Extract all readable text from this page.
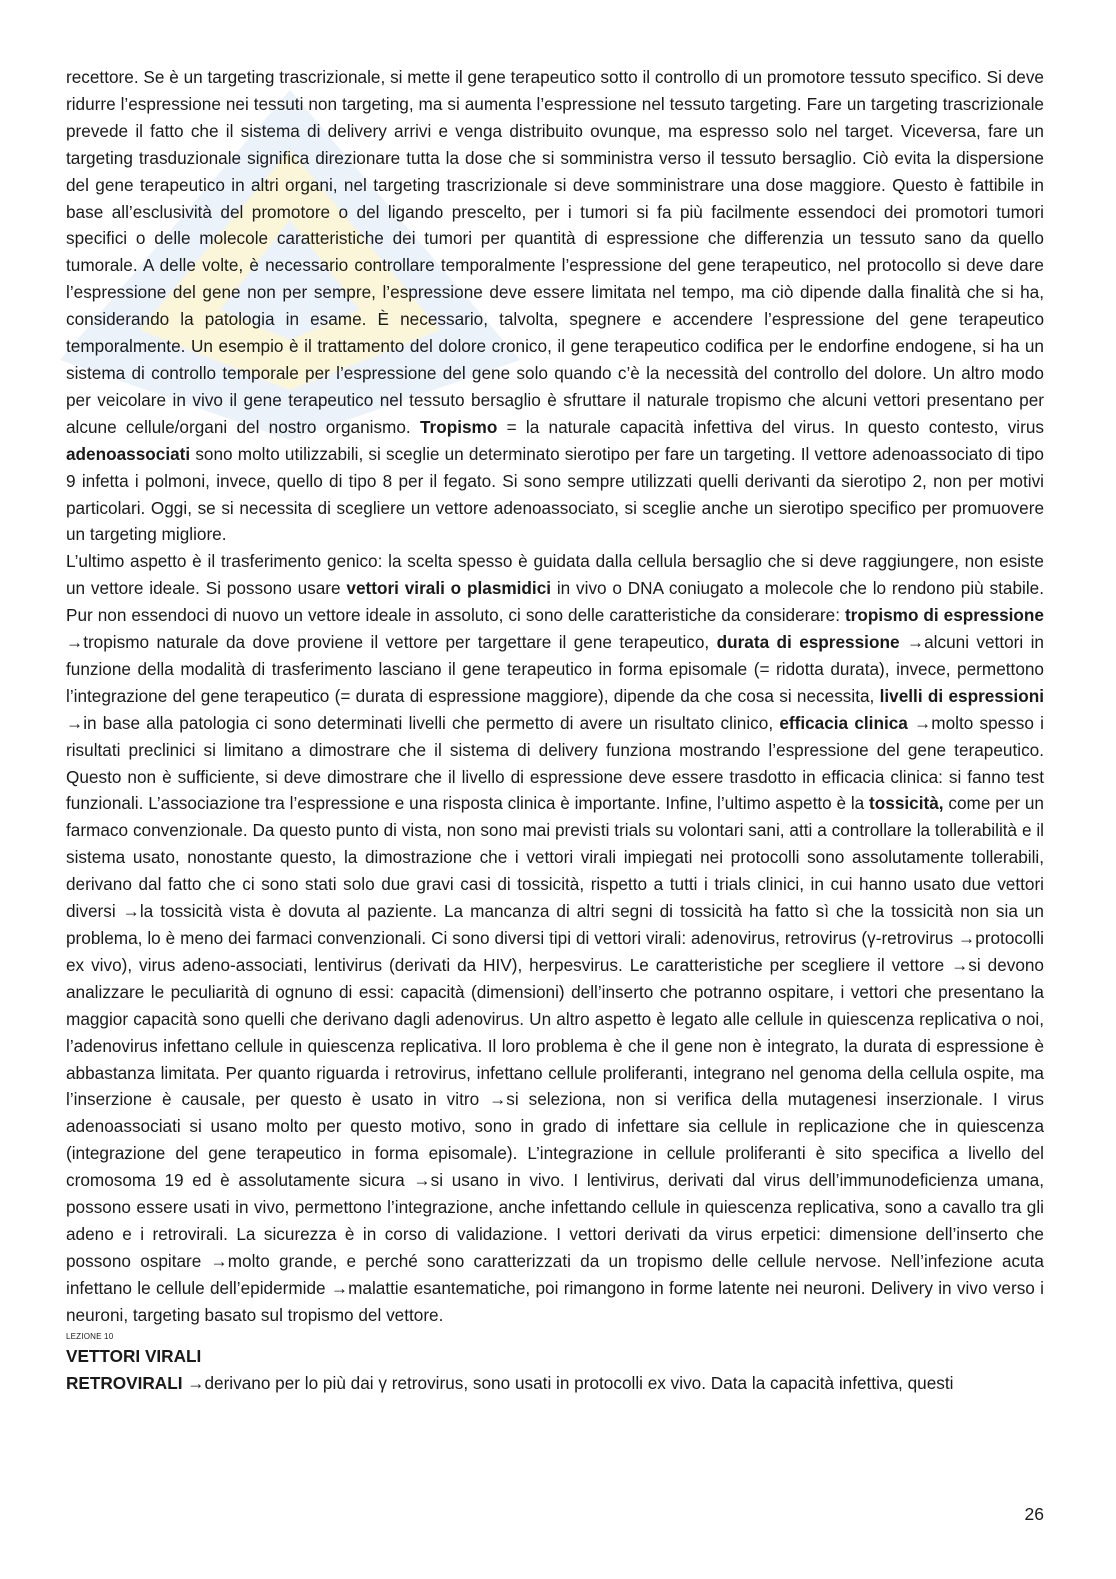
recettore. Se è un targeting trascrizionale, si mette il gene terapeutico sotto il controllo di un promotore tessuto specifico. Si deve ridurre l’espressione nei tessuti non targeting, ma si aumenta l’espressione nel tessuto targeting. Fare un targeting trascrizionale prevede il fatto che il sistema di delivery arrivi e venga distribuito ovunque, ma espresso solo nel target. Viceversa, fare un targeting trasduzionale significa direzionare tutta la dose che si somministra verso il tessuto bersaglio. Ciò evita la dispersione del gene terapeutico in altri organi, nel targeting trascrizionale si deve somministrare una dose maggiore. Questo è fattibile in base all’esclusività del promotore o del ligando prescelto, per i tumori si fa più facilmente essendoci dei promotori tumori specifici o delle molecole caratteristiche dei tumori per quantità di espressione che differenzia un tessuto sano da quello tumorale. A delle volte, è necessario controllare temporalmente l’espressione del gene terapeutico, nel protocollo si deve dare l’espressione del gene non per sempre, l’espressione deve essere limitata nel tempo, ma ciò dipende dalla finalità che si ha, considerando la patologia in esame. È necessario, talvolta, spegnere e accendere l’espressione del gene terapeutico temporalmente. Un esempio è il trattamento del dolore cronico, il gene terapeutico codifica per le endorfine endogene, si ha un sistema di controllo temporale per l’espressione del gene solo quando c’è la necessità del controllo del dolore. Un altro modo per veicolare in vivo il gene terapeutico nel tessuto bersaglio è sfruttare il naturale tropismo che alcuni vettori presentano per alcune cellule/organi del nostro organismo. Tropismo = la naturale capacità infettiva del virus. In questo contesto, virus adenoassociati sono molto utilizzabili, si sceglie un determinato sierotipo per fare un targeting. Il vettore adenoassociato di tipo 9 infetta i polmoni, invece, quello di tipo 8 per il fegato. Si sono sempre utilizzati quelli derivanti da sierotipo 2, non per motivi particolari. Oggi, se si necessita di scegliere un vettore adenoassociato, si sceglie anche un sierotipo specifico per promuovere un targeting migliore.

L’ultimo aspetto è il trasferimento genico: la scelta spesso è guidata dalla cellula bersaglio che si deve raggiungere, non esiste un vettore ideale. Si possono usare vettori virali o plasmidici in vivo o DNA coniugato a molecole che lo rendono più stabile. Pur non essendoci di nuovo un vettore ideale in assoluto, ci sono delle caratteristiche da considerare: tropismo di espressione →tropismo naturale da dove proviene il vettore per targettare il gene terapeutico, durata di espressione →alcuni vettori in funzione della modalità di trasferimento lasciano il gene terapeutico in forma episomale (= ridotta durata), invece, permettono l’integrazione del gene terapeutico (= durata di espressione maggiore), dipende da che cosa si necessita, livelli di espressioni →in base alla patologia ci sono determinati livelli che permetto di avere un risultato clinico, efficacia clinica →molto spesso i risultati preclinici si limitano a dimostrare che il sistema di delivery funziona mostrando l’espressione del gene terapeutico. Questo non è sufficiente, si deve dimostrare che il livello di espressione deve essere trasdotto in efficacia clinica: si fanno test funzionali. L’associazione tra l’espressione e una risposta clinica è importante. Infine, l’ultimo aspetto è la tossicità, come per un farmaco convenzionale. Da questo punto di vista, non sono mai previsti trials su volontari sani, atti a controllare la tollerabilità e il sistema usato, nonostante questo, la dimostrazione che i vettori virali impiegati nei protocolli sono assolutamente tollerabili, derivano dal fatto che ci sono stati solo due gravi casi di tossicità, rispetto a tutti i trials clinici, in cui hanno usato due vettori diversi →la tossicità vista è dovuta al paziente. La mancanza di altri segni di tossicità ha fatto sì che la tossicità non sia un problema, lo è meno dei farmaci convenzionali. Ci sono diversi tipi di vettori virali: adenovirus, retrovirus (γ-retrovirus →protocolli ex vivo), virus adeno-associati, lentivirus (derivati da HIV), herpesvirus. Le caratteristiche per scegliere il vettore →si devono analizzare le peculiarità di ognuno di essi: capacità (dimensioni) dell’inserto che potranno ospitare, i vettori che presentano la maggior capacità sono quelli che derivano dagli adenovirus. Un altro aspetto è legato alle cellule in quiescenza replicativa o noi, l’adenovirus infettano cellule in quiescenza replicativa. Il loro problema è che il gene non è integrato, la durata di espressione è abbastanza limitata. Per quanto riguarda i retrovirus, infettano cellule proliferanti, integrano nel genoma della cellula ospite, ma l’inserzione è causale, per questo è usato in vitro →si seleziona, non si verifica della mutagenesi inserzionale. I virus adenoassociati si usano molto per questo motivo, sono in grado di infettare sia cellule in replicazione che in quiescenza (integrazione del gene terapeutico in forma episomale). L’integrazione in cellule proliferanti è sito specifica a livello del cromosoma 19 ed è assolutamente sicura →si usano in vivo. I lentivirus, derivati dal virus dell’immunodeficienza umana, possono essere usati in vivo, permettono l’integrazione, anche infettando cellule in quiescenza replicativa, sono a cavallo tra gli adeno e i retrovirali. La sicurezza è in corso di validazione. I vettori derivati da virus erpetici: dimensione dell’inserto che possono ospitare →molto grande, e perché sono caratterizzati da un tropismo delle cellule nervose. Nell’infezione acuta infettano le cellule dell’epidermide →malattie esantematiche, poi rimangono in forme latente nei neuroni. Delivery in vivo verso i neuroni, targeting basato sul tropismo del vettore.

LEZIONE 10
VETTORI VIRALI

RETROVIRALI →derivano per lo più dai γ retrovirus, sono usati in protocolli ex vivo. Data la capacità infettiva, questi

26
